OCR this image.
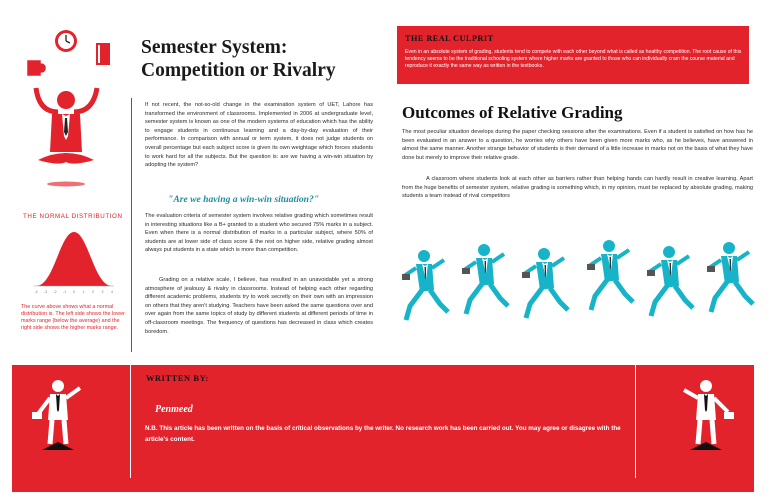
Semester System:
Competition or Rivalry
If not recent, the not-so-old change in the examination system of UET, Lahore has transformed the environment of classrooms. Implemented in 2006 at undergraduate level, semester system is known as one of the modern systems of education which has the ability to engage students in continuous learning and a day-by-day evaluation of their performance. In comparison with annual or term system, it does not judge students on overall percentage but each subject score is given its own weightage which forces students to work hard for all the subjects. But the question is: are we having a win-win situation by adopting the system?
"Are we having a win-win situation?"
The evaluation criteria of semester system involves relative grading which sometimes result in interesting situations like a B+ granted to a student who secured 75% marks in a subject. Even when there is a normal distribution of marks in a particular subject, where 50% of students are at lower side of class score & the rest on higher side, relative grading almost always put students in a state which is more than competition.
Grading on a relative scale, I believe, has resulted in an unavoidable yet a strong atmosphere of jealousy & rivalry in classrooms. Instead of helping each other regarding different academic problems, students try to work secretly on their own with an impression on others that they aren't studying. Teachers have been asked the same questions over and over again from the same topics of study by different students at different periods of time in off-classroom meetings. The frequency of questions has decreased in class which creates boredom.
THE NORMAL DISTRIBUTION
-4 -3 -2 -1 0 1 2 3 4
The curve above shows what a normal distribution is. The left side shows the lower marks range (below the average) and the right side shows the higher marks range.
THE REAL CULPRIT
Even in an absolute system of grading, students tend to compete with each other beyond what is called as healthy competition. The root cause of this tendency seems to be the traditional schooling system where higher marks are granted to those who can individually cram the course material and reproduce it exactly the same way as written in the textbooks.
Outcomes of Relative Grading
The most peculiar situation develops during the paper checking sessions after the examinations. Even if a student is satisfied on how has he been evaluated in an answer to a question, he worries why others have been given more marks who, as he believes, have answered in almost the same manner. Another strange behavior of students is their demand of a little increase in marks not on the basis of what they have done but merely to improve their relative grade.
A classroom where students look at each other as barriers rather than helping hands can hardly result in creative learning. Apart from the huge benefits of semester system, relative grading is something which, in my opinion, must be replaced by absolute grading, making students a team instead of rival competitors
WRITTEN BY:
Penmeed
N.B. This article has been written on the basis of critical observations by the writer. No research work has been carried out. You may agree or disagree with the article's content.
